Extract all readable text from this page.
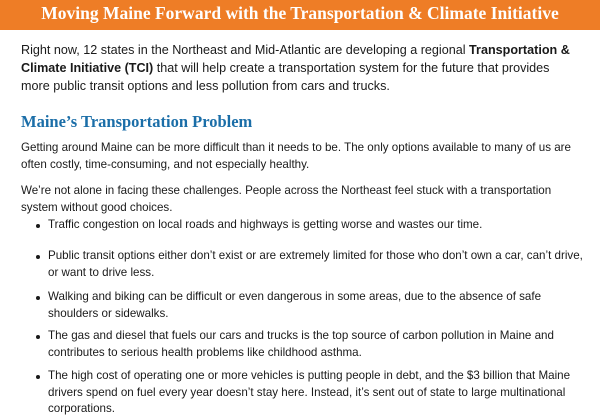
Moving Maine Forward with the Transportation & Climate Initiative
Right now, 12 states in the Northeast and Mid-Atlantic are developing a regional Transportation & Climate Initiative (TCI) that will help create a transportation system for the future that provides more public transit options and less pollution from cars and trucks.
Maine’s Transportation Problem
Getting around Maine can be more difficult than it needs to be. The only options available to many of us are often costly, time-consuming, and not especially healthy.
We’re not alone in facing these challenges. People across the Northeast feel stuck with a transportation system without good choices.
Traffic congestion on local roads and highways is getting worse and wastes our time.
Public transit options either don’t exist or are extremely limited for those who don’t own a car, can’t drive, or want to drive less.
Walking and biking can be difficult or even dangerous in some areas, due to the absence of safe shoulders or sidewalks.
The gas and diesel that fuels our cars and trucks is the top source of carbon pollution in Maine and contributes to serious health problems like childhood asthma.
The high cost of operating one or more vehicles is putting people in debt, and the $3 billion that Maine drivers spend on fuel every year doesn’t stay here. Instead, it’s sent out of state to large multinational corporations.
